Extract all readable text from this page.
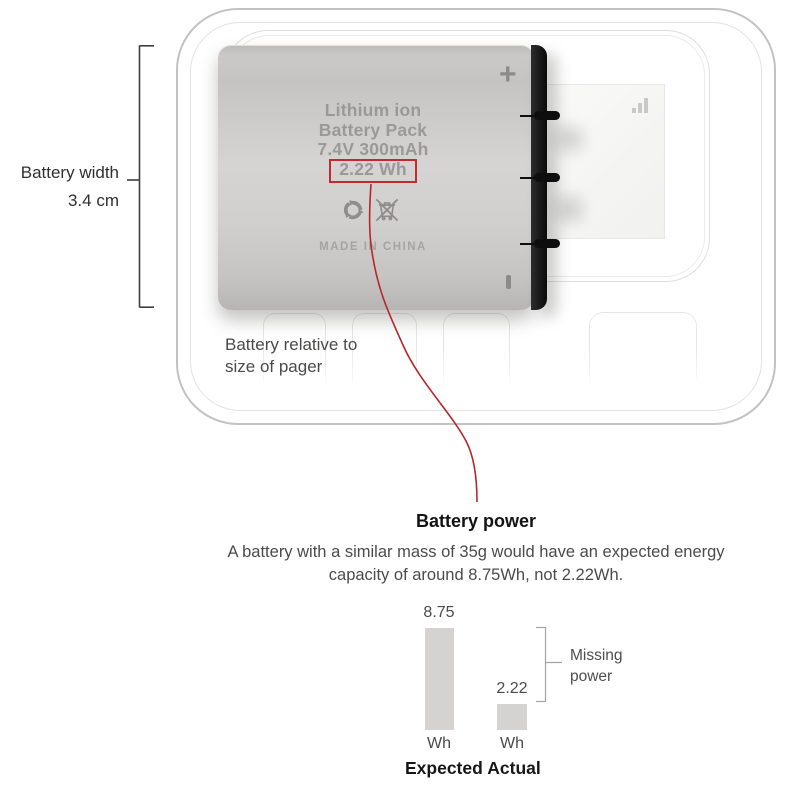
+
Lithium ion
Battery Pack
7.4V 300mAh
2.22 Wh
MADE IN CHINA
Battery width
3.4 cm
Battery relative to
size of pager
Battery power
A battery with a similar mass of 35g would have an expected energy
capacity of around 8.75Wh, not 2.22Wh.
8.75
2.22
Wh	Wh
Expected Actual
Missing power
